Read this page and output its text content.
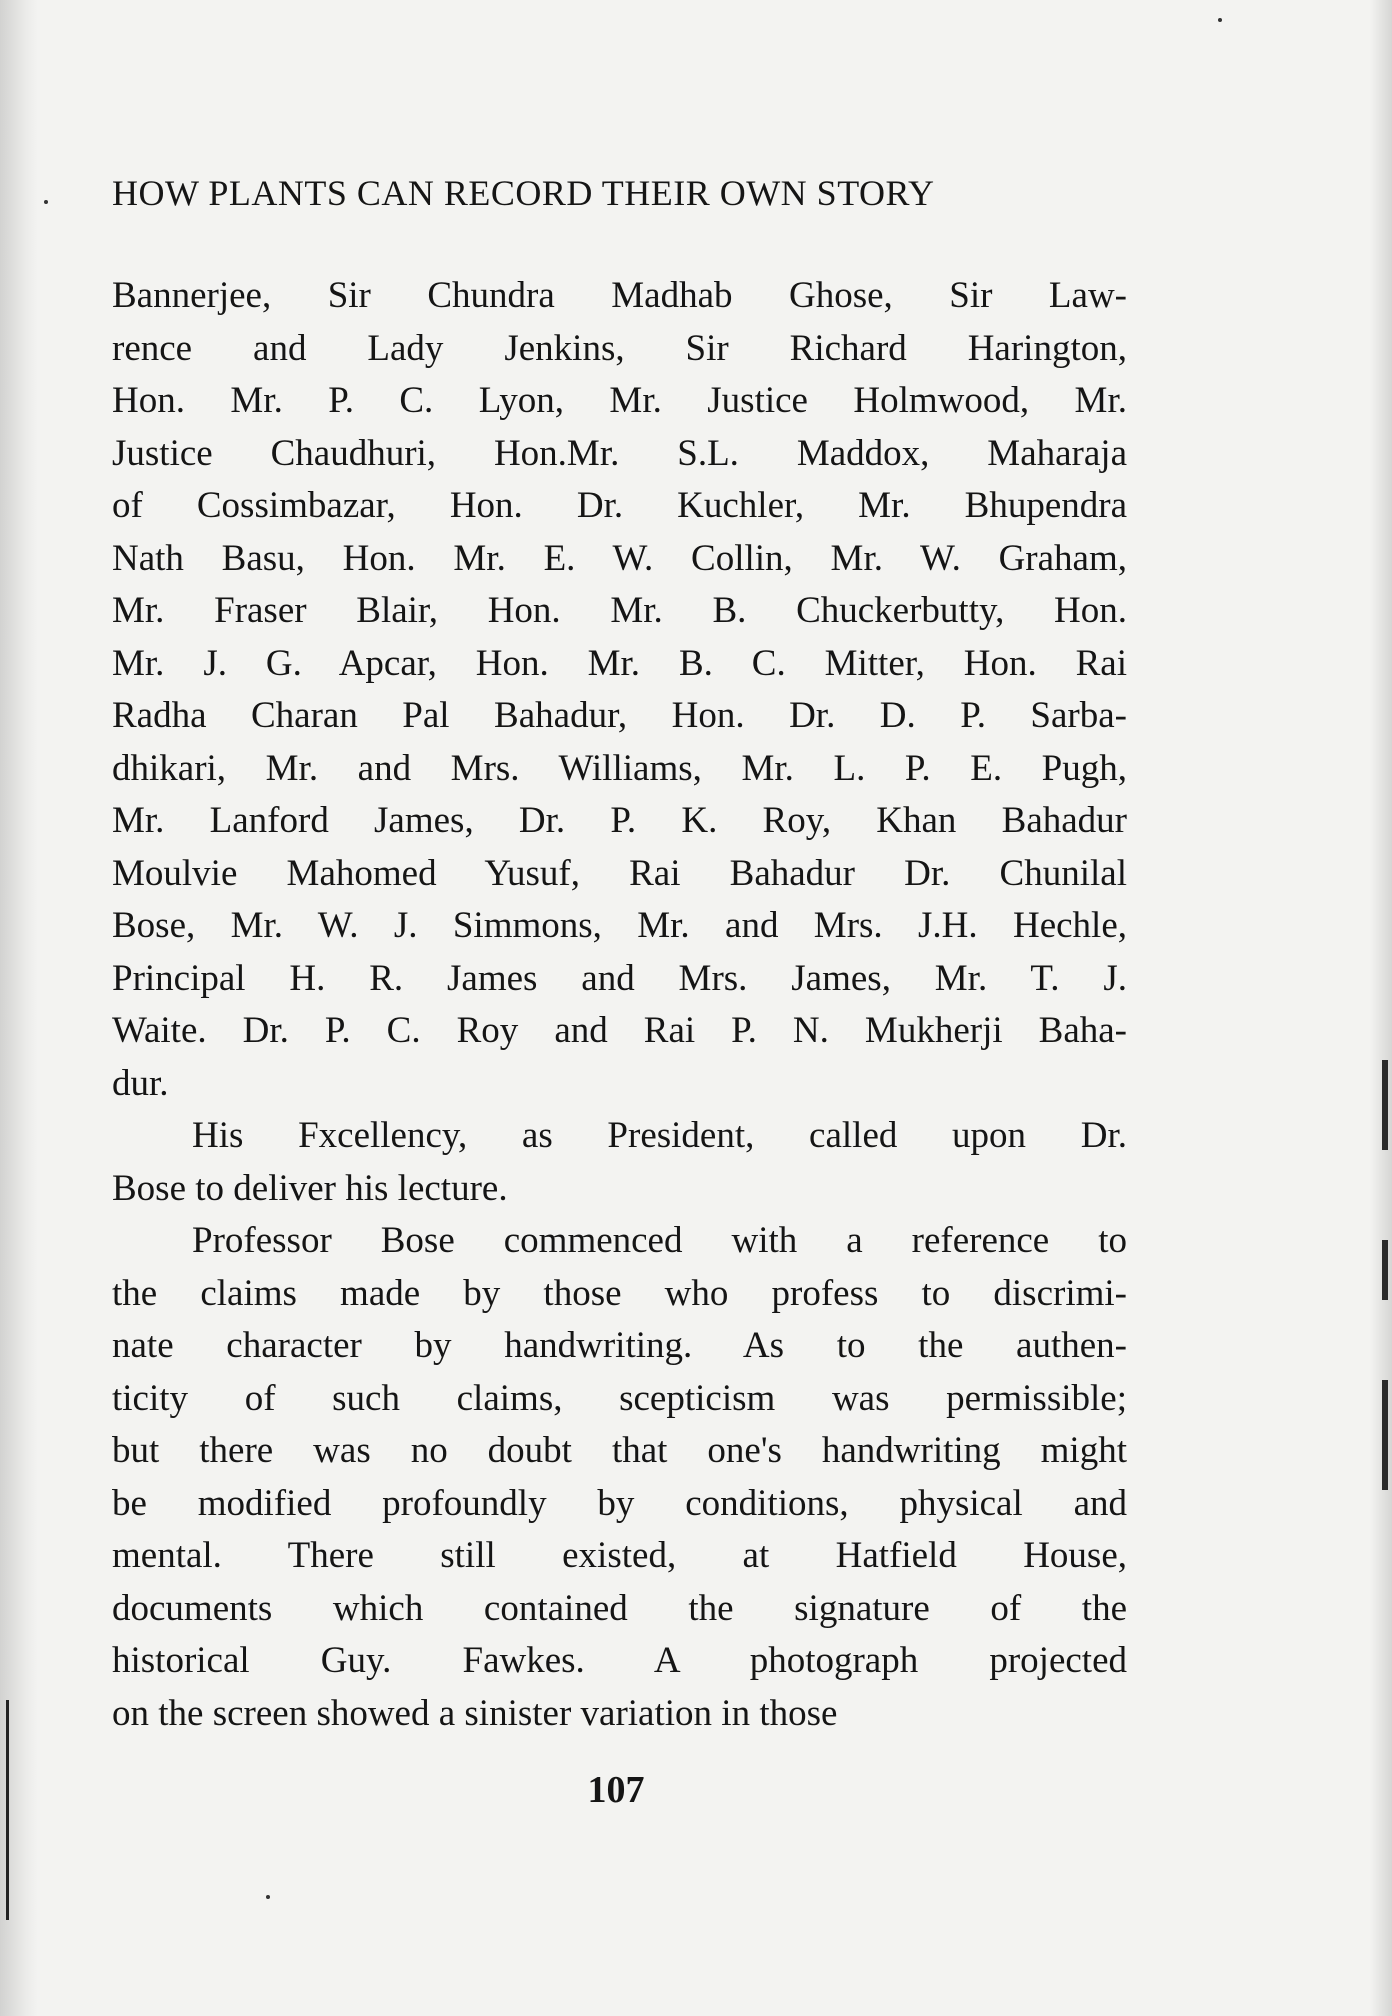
HOW PLANTS CAN RECORD THEIR OWN STORY
Bannerjee, Sir Chundra Madhab Ghose, Sir Law-
rence and Lady Jenkins, Sir Richard Harington,
Hon. Mr. P. C. Lyon, Mr. Justice Holmwood, Mr.
Justice Chaudhuri, Hon.Mr. S.L. Maddox, Maharaja
of Cossimbazar, Hon. Dr. Kuchler, Mr. Bhupendra
Nath Basu, Hon. Mr. E. W. Collin, Mr. W. Graham,
Mr. Fraser Blair, Hon. Mr. B. Chuckerbutty, Hon.
Mr. J. G. Apcar, Hon. Mr. B. C. Mitter, Hon. Rai
Radha Charan Pal Bahadur, Hon. Dr. D. P. Sarba-
dhikari, Mr. and Mrs. Williams, Mr. L. P. E. Pugh,
Mr. Lanford James, Dr. P. K. Roy, Khan Bahadur
Moulvie Mahomed Yusuf, Rai Bahadur Dr. Chunilal
Bose, Mr. W. J. Simmons, Mr. and Mrs. J.H. Hechle,
Principal H. R. James and Mrs. James, Mr. T. J.
Waite. Dr. P. C. Roy and Rai P. N. Mukherji Baha-
dur.
His Fxcellency, as President, called upon Dr.
Bose to deliver his lecture.
Professor Bose commenced with a reference to
the claims made by those who profess to discrimi-
nate character by handwriting. As to the authen-
ticity of such claims, scepticism was permissible;
but there was no doubt that one's handwriting might
be modified profoundly by conditions, physical and
mental. There still existed, at Hatfield House,
documents which contained the signature of the
historical Guy. Fawkes. A photograph projected
on the screen showed a sinister variation in those
107
